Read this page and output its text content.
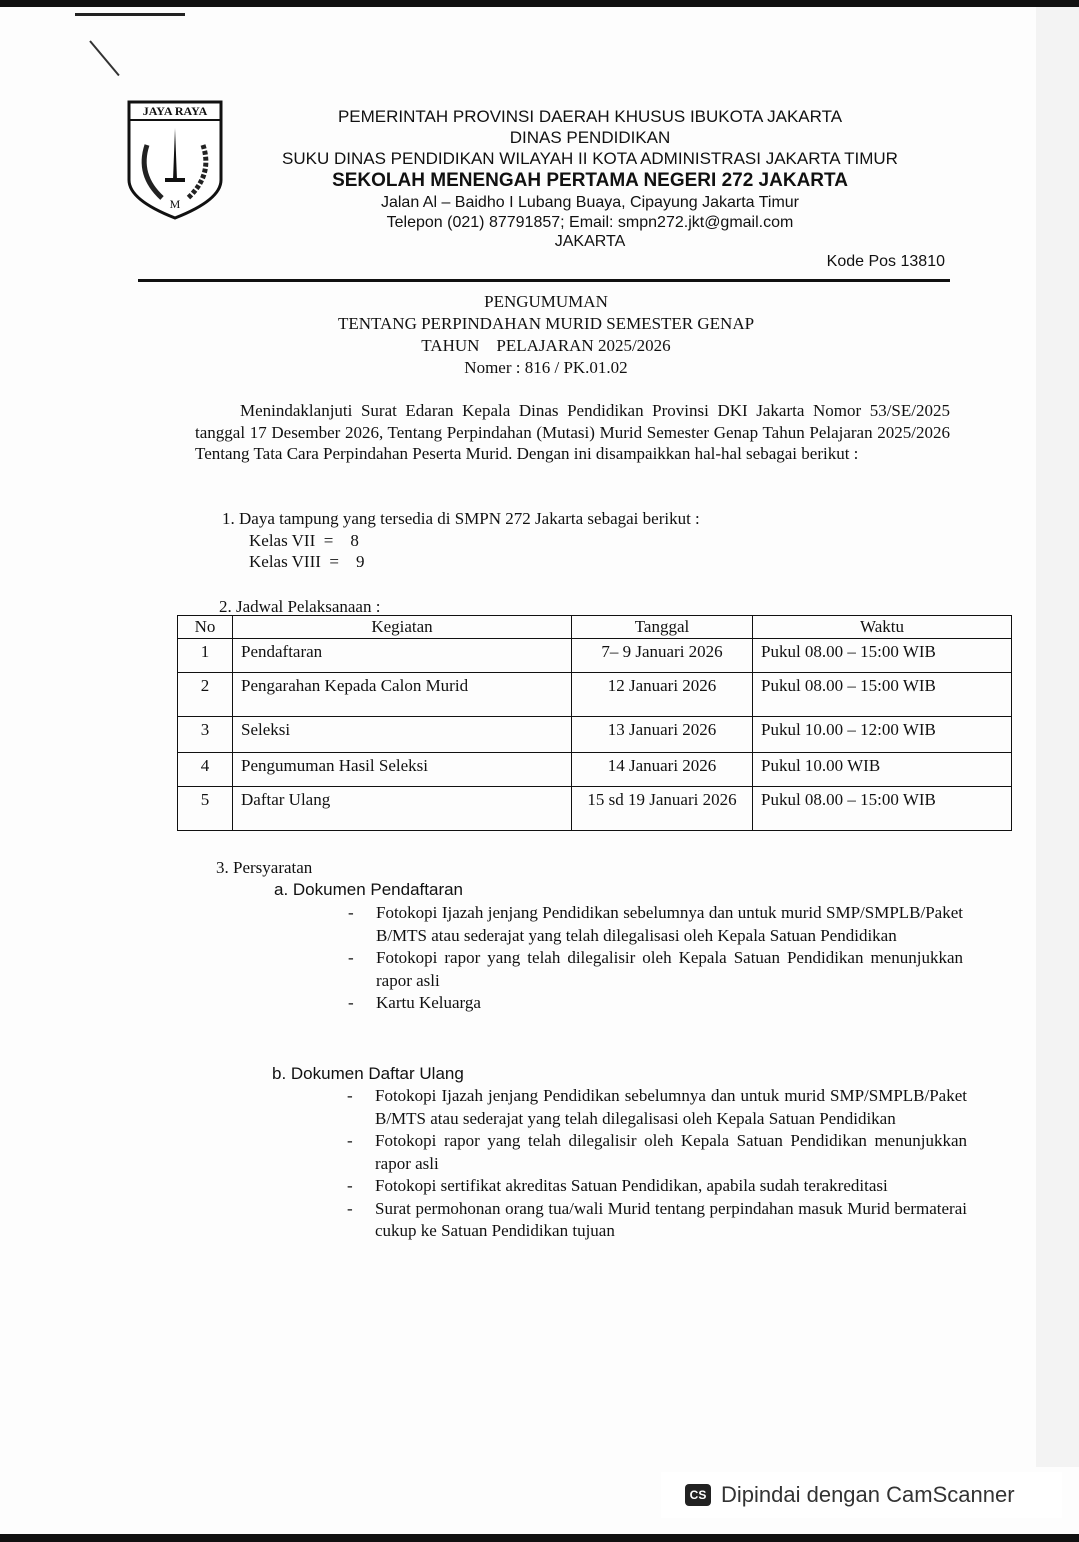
JAYA RAYA
M
PEMERINTAH PROVINSI DAERAH KHUSUS IBUKOTA JAKARTA
DINAS PENDIDIKAN
SUKU DINAS PENDIDIKAN WILAYAH II KOTA ADMINISTRASI JAKARTA TIMUR
SEKOLAH MENENGAH PERTAMA NEGERI 272 JAKARTA
Jalan Al – Baidho I Lubang Buaya, Cipayung Jakarta Timur
Telepon (021) 87791857; Email: smpn272.jkt@gmail.com
JAKARTA
Kode Pos 13810
PENGUMUMAN
TENTANG PERPINDAHAN MURID SEMESTER GENAP
TAHUN    PELAJARAN 2025/2026
Nomer : 816 / PK.01.02
Menindaklanjuti Surat Edaran Kepala Dinas Pendidikan Provinsi DKI Jakarta Nomor 53/SE/2025 tanggal 17 Desember 2026, Tentang Perpindahan (Mutasi) Murid Semester Genap Tahun Pelajaran 2025/2026 Tentang Tata Cara Perpindahan Peserta Murid. Dengan ini disampaikkan hal-hal sebagai berikut :
1. Daya tampung yang tersedia di SMPN 272 Jakarta sebagai berikut :
Kelas VII  =    8
Kelas VIII  =    9
2. Jadwal Pelaksanaan :
No	Kegiatan	Tanggal	Waktu
1	Pendaftaran	7– 9 Januari 2026	Pukul 08.00 – 15:00 WIB
2	Pengarahan Kepada Calon Murid	12 Januari 2026	Pukul 08.00 – 15:00 WIB
3	Seleksi	13 Januari 2026	Pukul 10.00 – 12:00 WIB
4	Pengumuman Hasil Seleksi	14 Januari 2026	Pukul 10.00 WIB
5	Daftar Ulang	15 sd 19 Januari 2026	Pukul 08.00 – 15:00 WIB
3. Persyaratan
a. Dokumen Pendaftaran
- Fotokopi Ijazah jenjang Pendidikan sebelumnya dan untuk murid SMP/SMPLB/Paket B/MTS atau sederajat yang telah dilegalisasi oleh Kepala Satuan Pendidikan
- Fotokopi rapor yang telah dilegalisir oleh Kepala Satuan Pendidikan menunjukkan rapor asli
- Kartu Keluarga
b. Dokumen Daftar Ulang
- Fotokopi Ijazah jenjang Pendidikan sebelumnya dan untuk murid SMP/SMPLB/Paket B/MTS atau sederajat yang telah dilegalisasi oleh Kepala Satuan Pendidikan
- Fotokopi rapor yang telah dilegalisir oleh Kepala Satuan Pendidikan menunjukkan rapor asli
- Fotokopi sertifikat akreditas Satuan Pendidikan, apabila sudah terakreditasi
- Surat permohonan orang tua/wali Murid tentang perpindahan masuk Murid bermaterai cukup ke Satuan Pendidikan tujuan
CS Dipindai dengan CamScanner
